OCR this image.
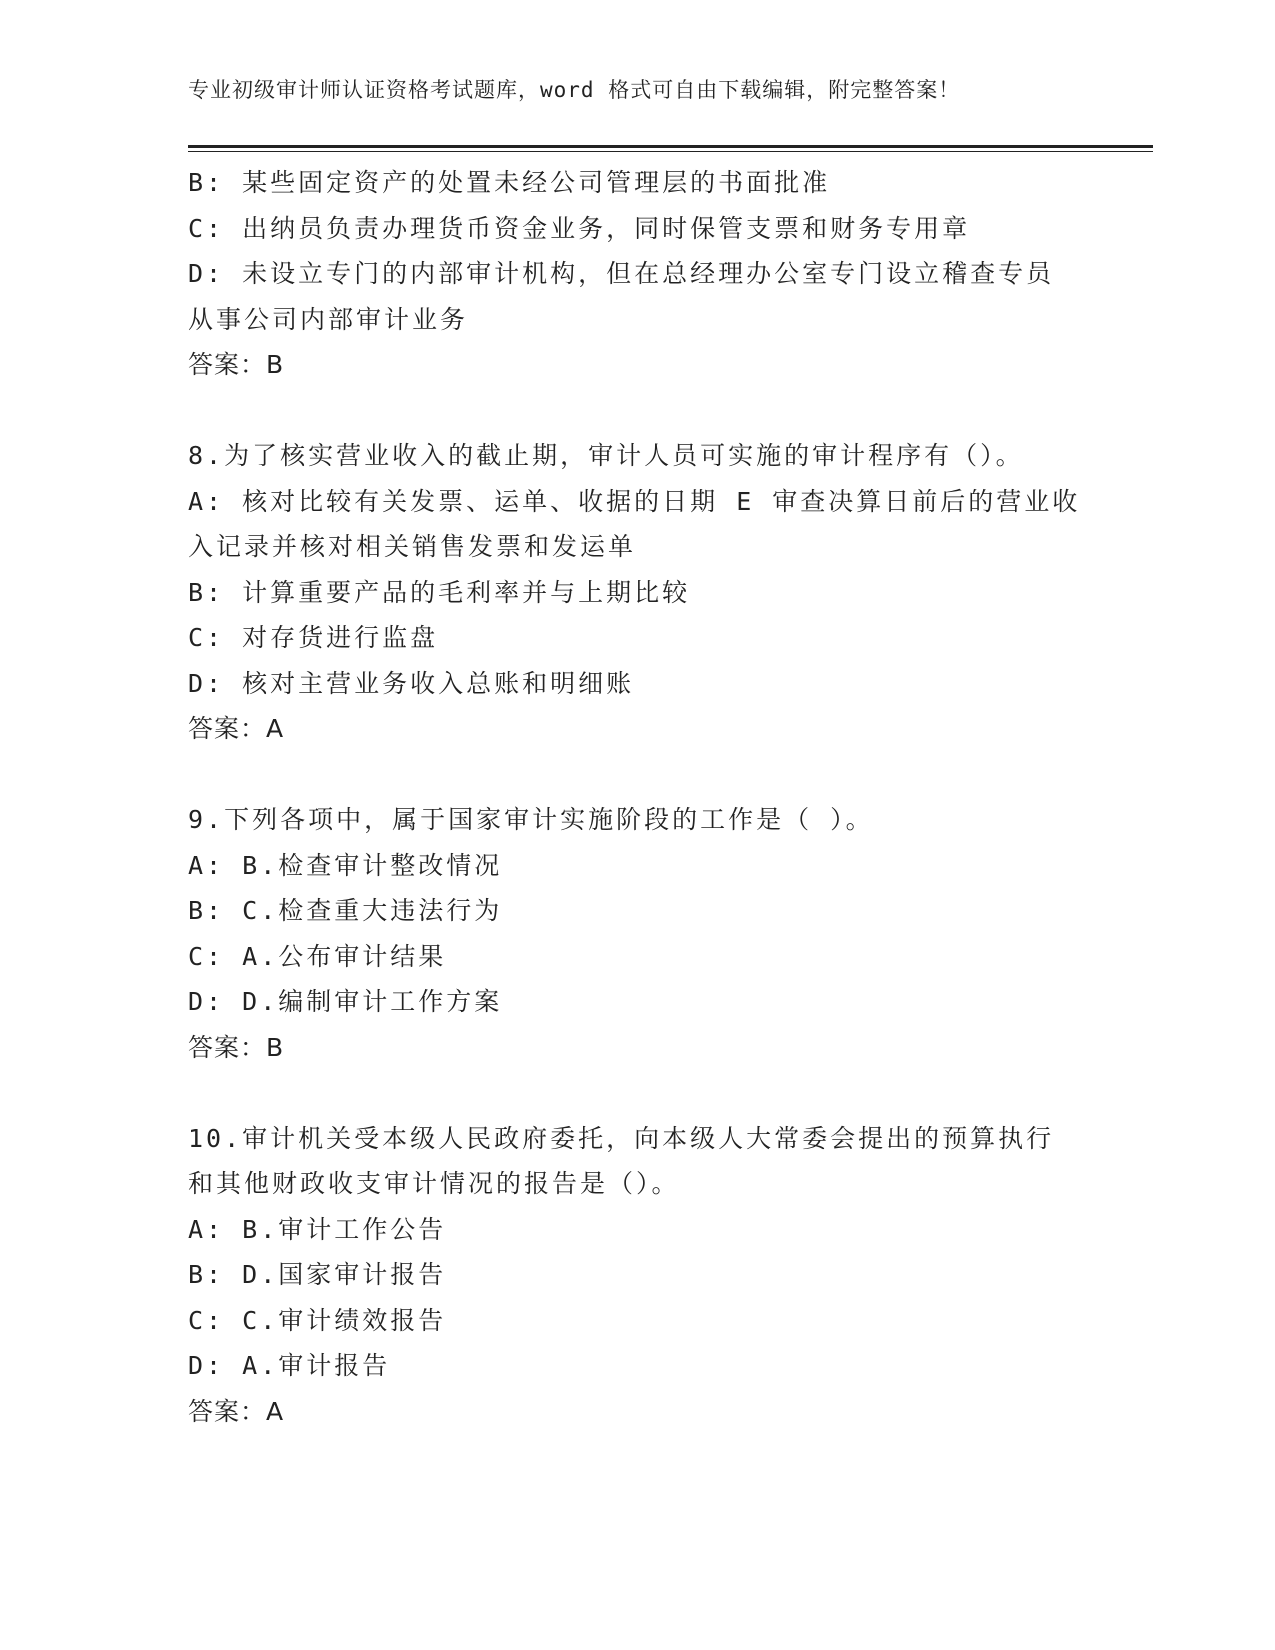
专业初级审计师认证资格考试题库，word 格式可自由下载编辑，附完整答案！
B: 某些固定资产的处置未经公司管理层的书面批准
C: 出纳员负责办理货币资金业务，同时保管支票和财务专用章
D: 未设立专门的内部审计机构，但在总经理办公室专门设立稽查专员
从事公司内部审计业务
答案：B
8.为了核实营业收入的截止期，审计人员可实施的审计程序有（）。
A: 核对比较有关发票、运单、收据的日期 E 审查决算日前后的营业收
入记录并核对相关销售发票和发运单
B: 计算重要产品的毛利率并与上期比较
C: 对存货进行监盘
D: 核对主营业务收入总账和明细账
答案：A
9.下列各项中，属于国家审计实施阶段的工作是（ ）。
A: B.检查审计整改情况
B: C.检查重大违法行为
C: A.公布审计结果
D: D.编制审计工作方案
答案：B
10.审计机关受本级人民政府委托，向本级人大常委会提出的预算执行
和其他财政收支审计情况的报告是（）。
A: B.审计工作公告
B: D.国家审计报告
C: C.审计绩效报告
D: A.审计报告
答案：A
